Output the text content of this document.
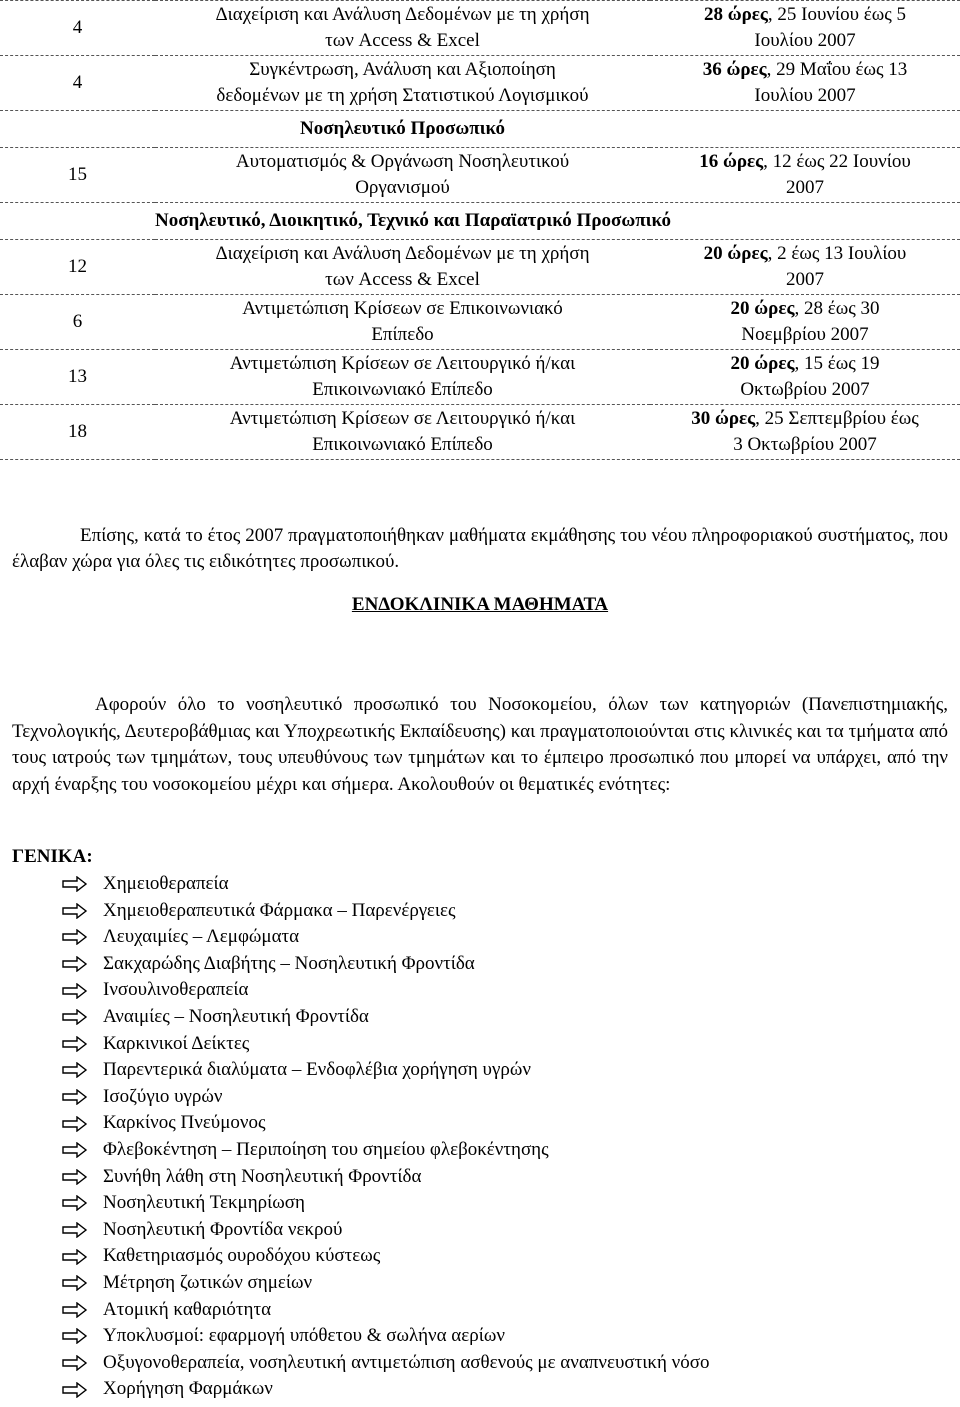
4	Διαχείριση και Ανάλυση Δεδομένων με τη χρήση
των Access & Excel	28 ώρες, 25 Ιουνίου έως 5
Ιουλίου 2007

4	Συγκέντρωση, Ανάλυση και Αξιοποίηση
δεδομένων με τη χρήση Στατιστικού Λογισμικού	36 ώρες, 29 Μαΐου έως 13
Ιουλίου 2007

	Νοσηλευτικό Προσωπικό	
15	Αυτοματισμός & Οργάνωση Νοσηλευτικού
Οργανισμού	16 ώρες, 12 έως 22 Ιουνίου
2007

	Νοσηλευτικό, Διοικητικό, Τεχνικό και Παραϊατρικό Προσωπικό	
12	Διαχείριση και Ανάλυση Δεδομένων με τη χρήση
των Access & Excel	20 ώρες, 2 έως 13 Ιουλίου
2007

6	Αντιμετώπιση Κρίσεων σε Επικοινωνιακό
Επίπεδο	20 ώρες, 28 έως 30
Νοεμβρίου 2007

13	Αντιμετώπιση Κρίσεων σε Λειτουργικό ή/και
Επικοινωνιακό Επίπεδο	20 ώρες, 15 έως 19
Οκτωβρίου 2007

18	Αντιμετώπιση Κρίσεων σε Λειτουργικό ή/και
Επικοινωνιακό Επίπεδο	30 ώρες, 25 Σεπτεμβρίου έως
3 Οκτωβρίου 2007

Επίσης, κατά το έτος 2007 πραγματοποιήθηκαν μαθήματα εκμάθησης του νέου πληροφοριακού συστήματος, που έλαβαν χώρα για όλες τις ειδικότητες προσωπικού.

ΕΝΔΟΚΛΙΝΙΚΑ ΜΑΘΗΜΑΤΑ

Αφορούν όλο το νοσηλευτικό προσωπικό του Νοσοκομείου, όλων των κατηγοριών (Πανεπιστημιακής, Τεχνολογικής, Δευτεροβάθμιας και Υποχρεωτικής Εκπαίδευσης) και πραγματοποιούνται στις κλινικές και τα τμήματα από τους ιατρούς των τμημάτων, τους υπευθύνους των τμημάτων και το έμπειρο προσωπικό που μπορεί να υπάρχει, από την αρχή έναρξης του νοσοκομείου μέχρι και σήμερα. Ακολουθούν οι θεματικές ενότητες:

ΓΕΝΙΚΑ:
Χημειοθεραπεία
Χημειοθεραπευτικά Φάρμακα – Παρενέργειες
Λευχαιμίες – Λεμφώματα
Σακχαρώδης Διαβήτης – Νοσηλευτική Φροντίδα
Ινσουλινοθεραπεία
Αναιμίες – Νοσηλευτική Φροντίδα
Καρκινικοί Δείκτες
Παρεντερικά διαλύματα – Ενδοφλέβια χορήγηση υγρών
Ισοζύγιο υγρών
Καρκίνος Πνεύμονος
Φλεβοκέντηση – Περιποίηση του σημείου φλεβοκέντησης
Συνήθη λάθη στη Νοσηλευτική Φροντίδα
Νοσηλευτική Τεκμηρίωση
Νοσηλευτική Φροντίδα νεκρού
Καθετηριασμός ουροδόχου κύστεως
Μέτρηση ζωτικών σημείων
Ατομική καθαριότητα
Υποκλυσμοί: εφαρμογή υπόθετου & σωλήνα αερίων
Οξυγονοθεραπεία, νοσηλευτική αντιμετώπιση ασθενούς με αναπνευστική νόσο
Χορήγηση Φαρμάκων
